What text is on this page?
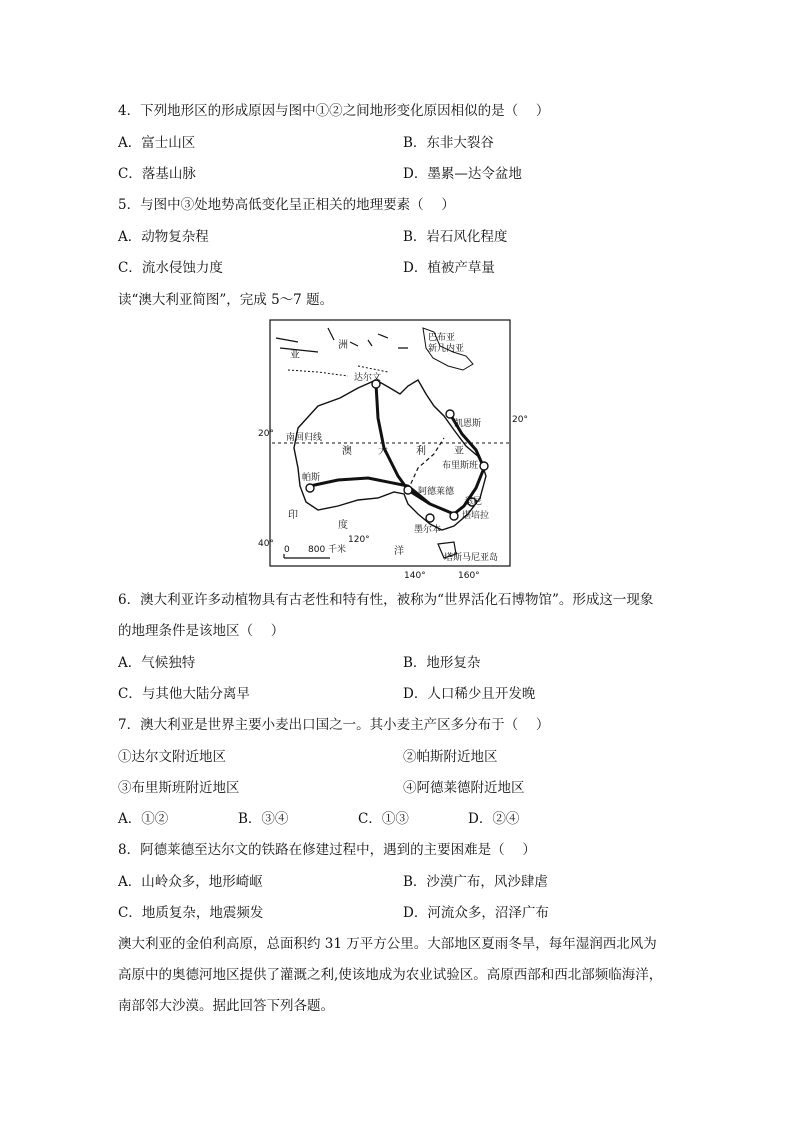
4．下列地形区的形成原因与图中①②之间地形变化原因相似的是（　 ）
A．富士山区	B．东非大裂谷
C．落基山脉	D．墨累—达令盆地
5．与图中③处地势高低变化呈正相关的地理要素（　 ）
A．动物复杂程	B．岩石风化程度
C．流水侵蚀力度	D．植被产草量
读“澳大利亚简图”，完成 5～7 题。
亚
洲
巴布亚
新几内亚
达尔文
凯恩斯	20°
20° 南回归线
澳	大	利	亚
布里斯班
帕斯
阿德莱德
悉尼
堪培拉
墨尔本
印
度
洋
塔斯马尼亚岛
40°	120°
140°	160°
0 800 千米
6．澳大利亚许多动植物具有古老性和特有性，被称为“世界活化石博物馆”。形成这一现象
的地理条件是该地区（　 ）
A．气候独特	B．地形复杂
C．与其他大陆分离早	D．人口稀少且开发晚
7．澳大利亚是世界主要小麦出口国之一。其小麦主产区多分布于（　 ）
①达尔文附近地区	②帕斯附近地区
③布里斯班附近地区	④阿德莱德附近地区
A．①②	B．③④	C．①③	D．②④
8．阿德莱德至达尔文的铁路在修建过程中，遇到的主要困难是（　 ）
A．山岭众多，地形崎岖	B．沙漠广布，风沙肆虐
C．地质复杂，地震频发	D．河流众多，沼泽广布
澳大利亚的金伯利高原，总面积约 31 万平方公里。大部地区夏雨冬旱，每年湿润西北风为
高原中的奥德河地区提供了灌溉之利,使该地成为农业试验区。高原西部和西北部频临海洋，
南部邻大沙漠。据此回答下列各题。
